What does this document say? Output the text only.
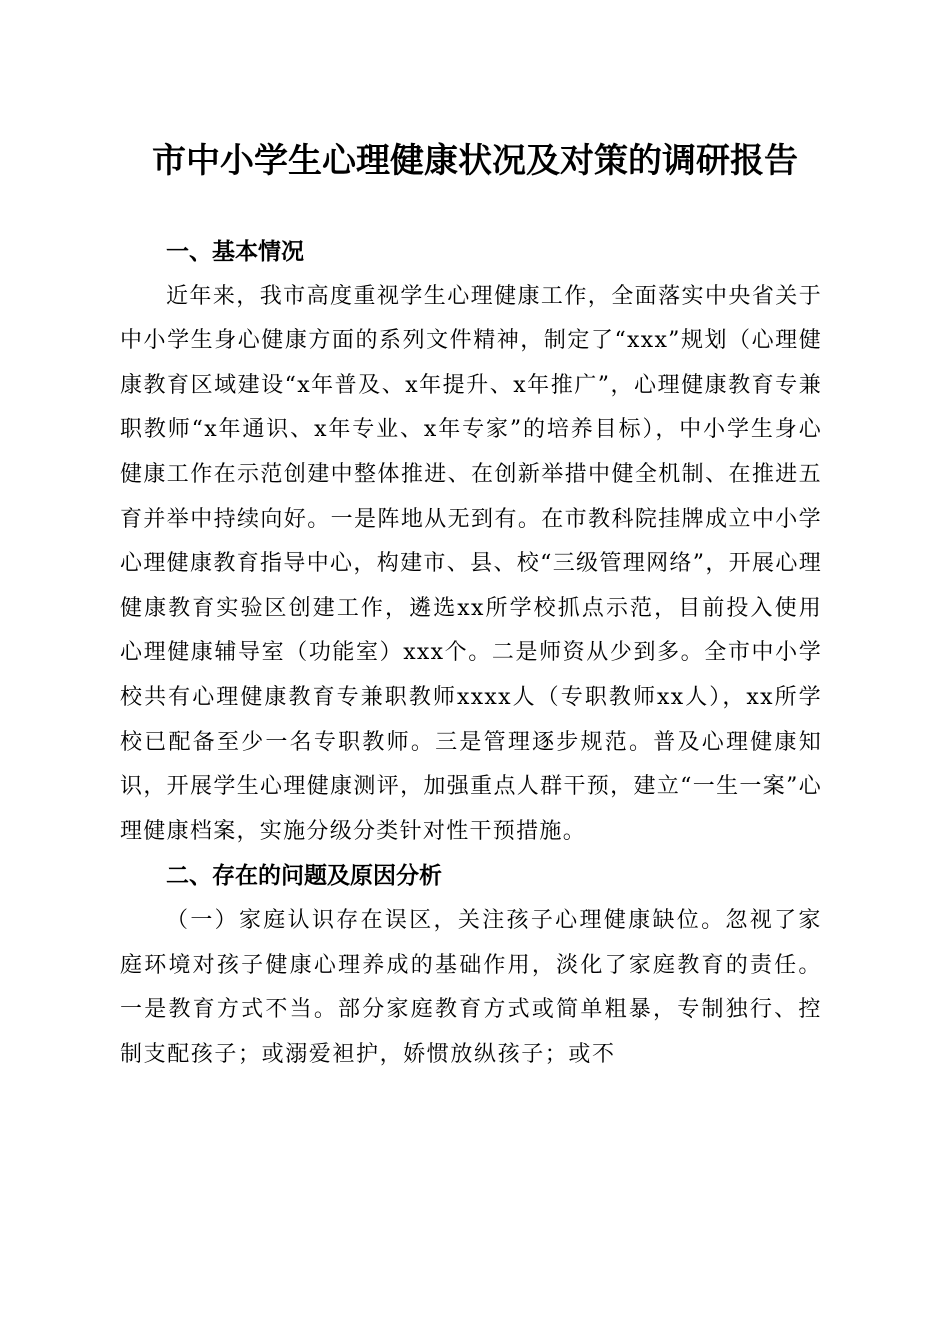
市中小学生心理健康状况及对策的调研报告
一、基本情况

近年来，我市高度重视学生心理健康工作，全面落实中央省关于中小学生身心健康方面的系列文件精神，制定了“xxx”规划（心理健康教育区域建设“x年普及、x年提升、x年推广”，心理健康教育专兼职教师“x年通识、x年专业、x年专家”的培养目标），中小学生身心健康工作在示范创建中整体推进、在创新举措中健全机制、在推进五育并举中持续向好。一是阵地从无到有。在市教科院挂牌成立中小学心理健康教育指导中心，构建市、县、校“三级管理网络”，开展心理健康教育实验区创建工作，遴选xx所学校抓点示范，目前投入使用心理健康辅导室（功能室）xxx个。二是师资从少到多。全市中小学校共有心理健康教育专兼职教师xxxx人（专职教师xx人），xx所学校已配备至少一名专职教师。三是管理逐步规范。普及心理健康知识，开展学生心理健康测评，加强重点人群干预，建立“一生一案”心理健康档案，实施分级分类针对性干预措施。

二、存在的问题及原因分析

（一）家庭认识存在误区，关注孩子心理健康缺位。忽视了家庭环境对孩子健康心理养成的基础作用，淡化了家庭教育的责任。一是教育方式不当。部分家庭教育方式或简单粗暴，专制独行、控制支配孩子；或溺爱袒护，娇惯放纵孩子；或不
